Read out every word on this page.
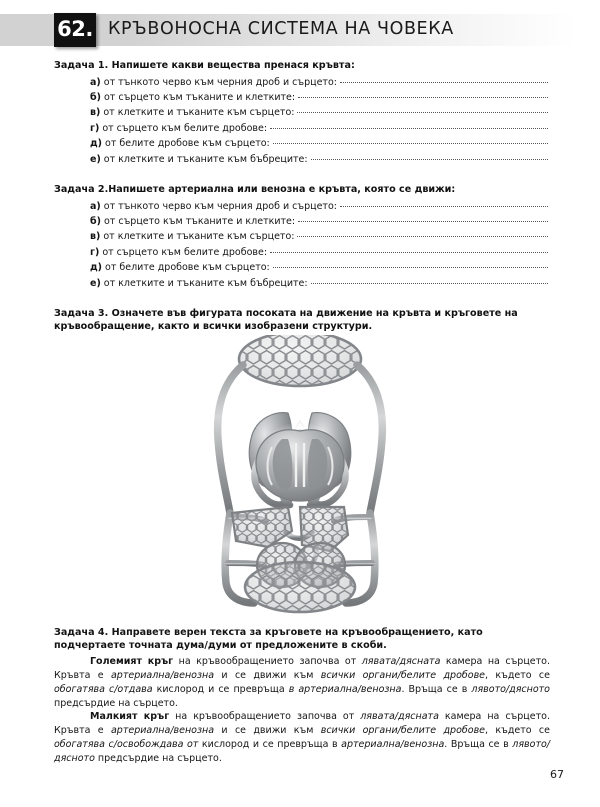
62. КРЪВОНОСНА СИСТЕМА НА ЧОВЕКА
Задача 1. Напишете какви вещества пренася кръвта:
а) от тънкото черво към черния дроб и сърцето:
б) от сърцето към тъканите и клетките:
в) от клетките и тъканите към сърцето:
г) от сърцето към белите дробове:
д) от белите дробове към сърцето:
е) от клетките и тъканите към бъбреците:
Задача 2.Напишете артериална или венозна е кръвта, която се движи:
а) от тънкото черво към черния дроб и сърцето:
б) от сърцето към тъканите и клетките:
в) от клетките и тъканите към сърцето:
г) от сърцето към белите дробове:
д) от белите дробове към сърцето:
е) от клетките и тъканите към бъбреците:
Задача 3. Означете във фигурата посоката на движение на кръвта и кръговете на кръвообращение, както и всички изобразени структури.
Задача 4. Направете верен текста за кръговете на кръвообращението, като подчертаете точната дума/думи от предложените в скоби.
Големият кръг на кръвообращението започва от лявата/дясната камера на сърцето. Кръвта е артериална/венозна и се движи към всички органи/белите дробове, където се обогатява с/отдава кислород и се превръща в артериална/венозна. Връща се в лявото/дясното предсърдие на сърцето.
Малкият кръг на кръвообращението започва от лявата/дясната камера на сърцето. Кръвта е артериална/венозна и се движи към всички органи/белите дробове, където се обогатява с/освобождава от кислород и се превръща в артериална/венозна. Връща се в лявото/дясното предсърдие на сърцето.
67
